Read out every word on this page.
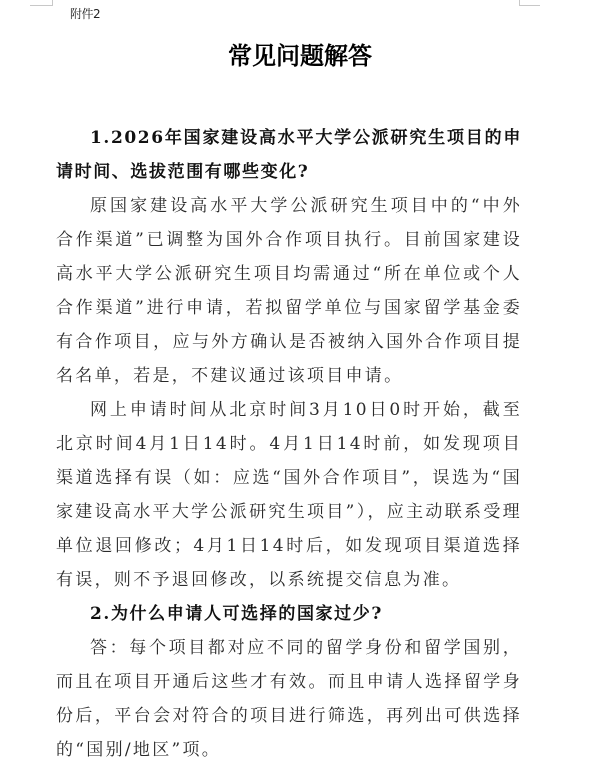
附件2
常见问题解答

1.2026年国家建设高水平大学公派研究生项目的申请时间、选拔范围有哪些变化?

原国家建设高水平大学公派研究生项目中的“中外合作渠道”已调整为国外合作项目执行。目前国家建设高水平大学公派研究生项目均需通过“所在单位或个人合作渠道”进行申请，若拟留学单位与国家留学基金委有合作项目，应与外方确认是否被纳入国外合作项目提名名单，若是，不建议通过该项目申请。

网上申请时间从北京时间3月10日0时开始，截至北京时间4月1日14时。4月1日14时前，如发现项目渠道选择有误（如：应选“国外合作项目”，误选为“国家建设高水平大学公派研究生项目”），应主动联系受理单位退回修改；4月1日14时后，如发现项目渠道选择有误，则不予退回修改，以系统提交信息为准。

2.为什么申请人可选择的国家过少?

答：每个项目都对应不同的留学身份和留学国别，而且在项目开通后这些才有效。而且申请人选择留学身份后，平台会对符合的项目进行筛选，再列出可供选择的“国别/地区”项。
